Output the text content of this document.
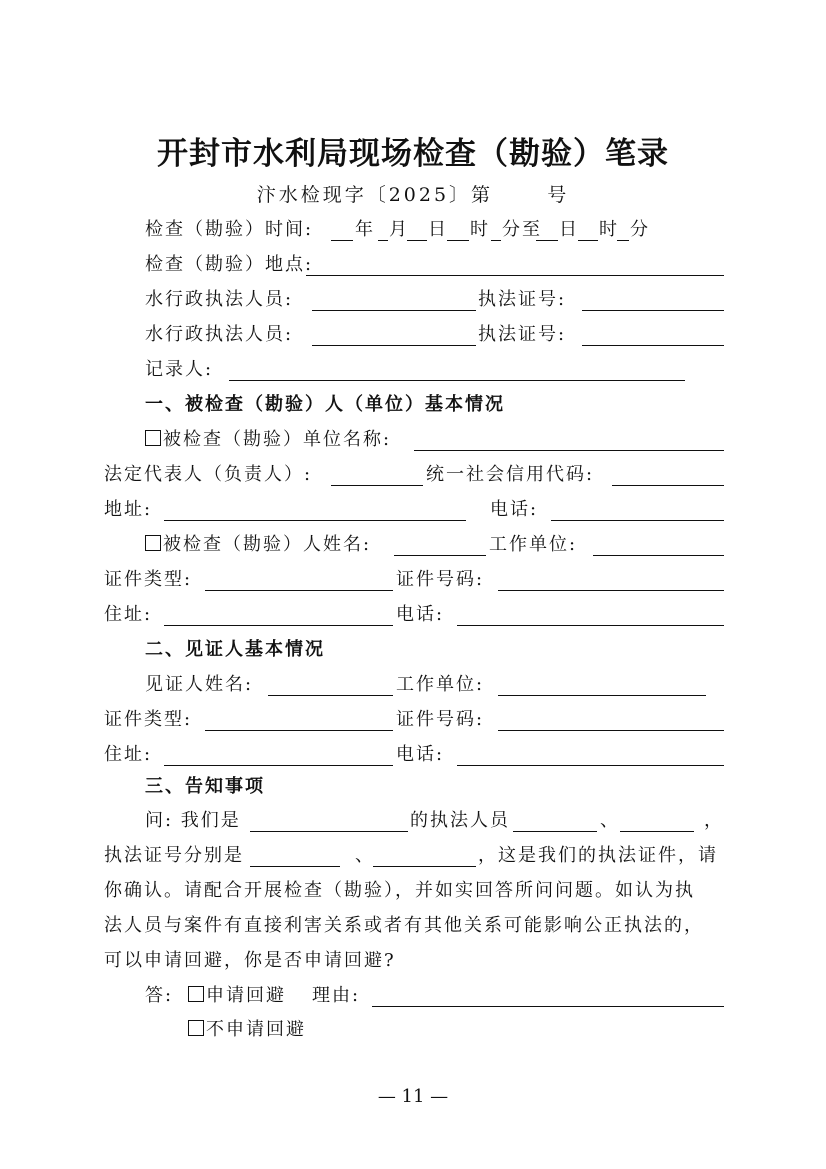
开封市水利局现场检查（勘验）笔录
汴水检现字〔2025〕第      号
检查（勘验）时间: 年 月 日 时 分至 日 时 分
检查（勘验）地点:
水行政执法人员:	执法证号:
水行政执法人员:	执法证号:
记录人:
一、被检查（勘验）人（单位）基本情况
被检查（勘验）单位名称:
法定代表人（负责人）:	统一社会信用代码:
地址:	电话:
被检查（勘验）人姓名:	工作单位:
证件类型:	证件号码:
住址:	电话:
二、见证人基本情况
见证人姓名:	工作单位:
证件类型:	证件号码:
住址:	电话:
三、告知事项
问: 我们是	的执法人员	、	，
执法证号分别是	、	，这是我们的执法证件，请
你确认。请配合开展检查（勘验），并如实回答所问问题。如认为执
法人员与案件有直接利害关系或者有其他关系可能影响公正执法的，
可以申请回避，你是否申请回避?
答:	申请回避 理由:
不申请回避
— 11 —
